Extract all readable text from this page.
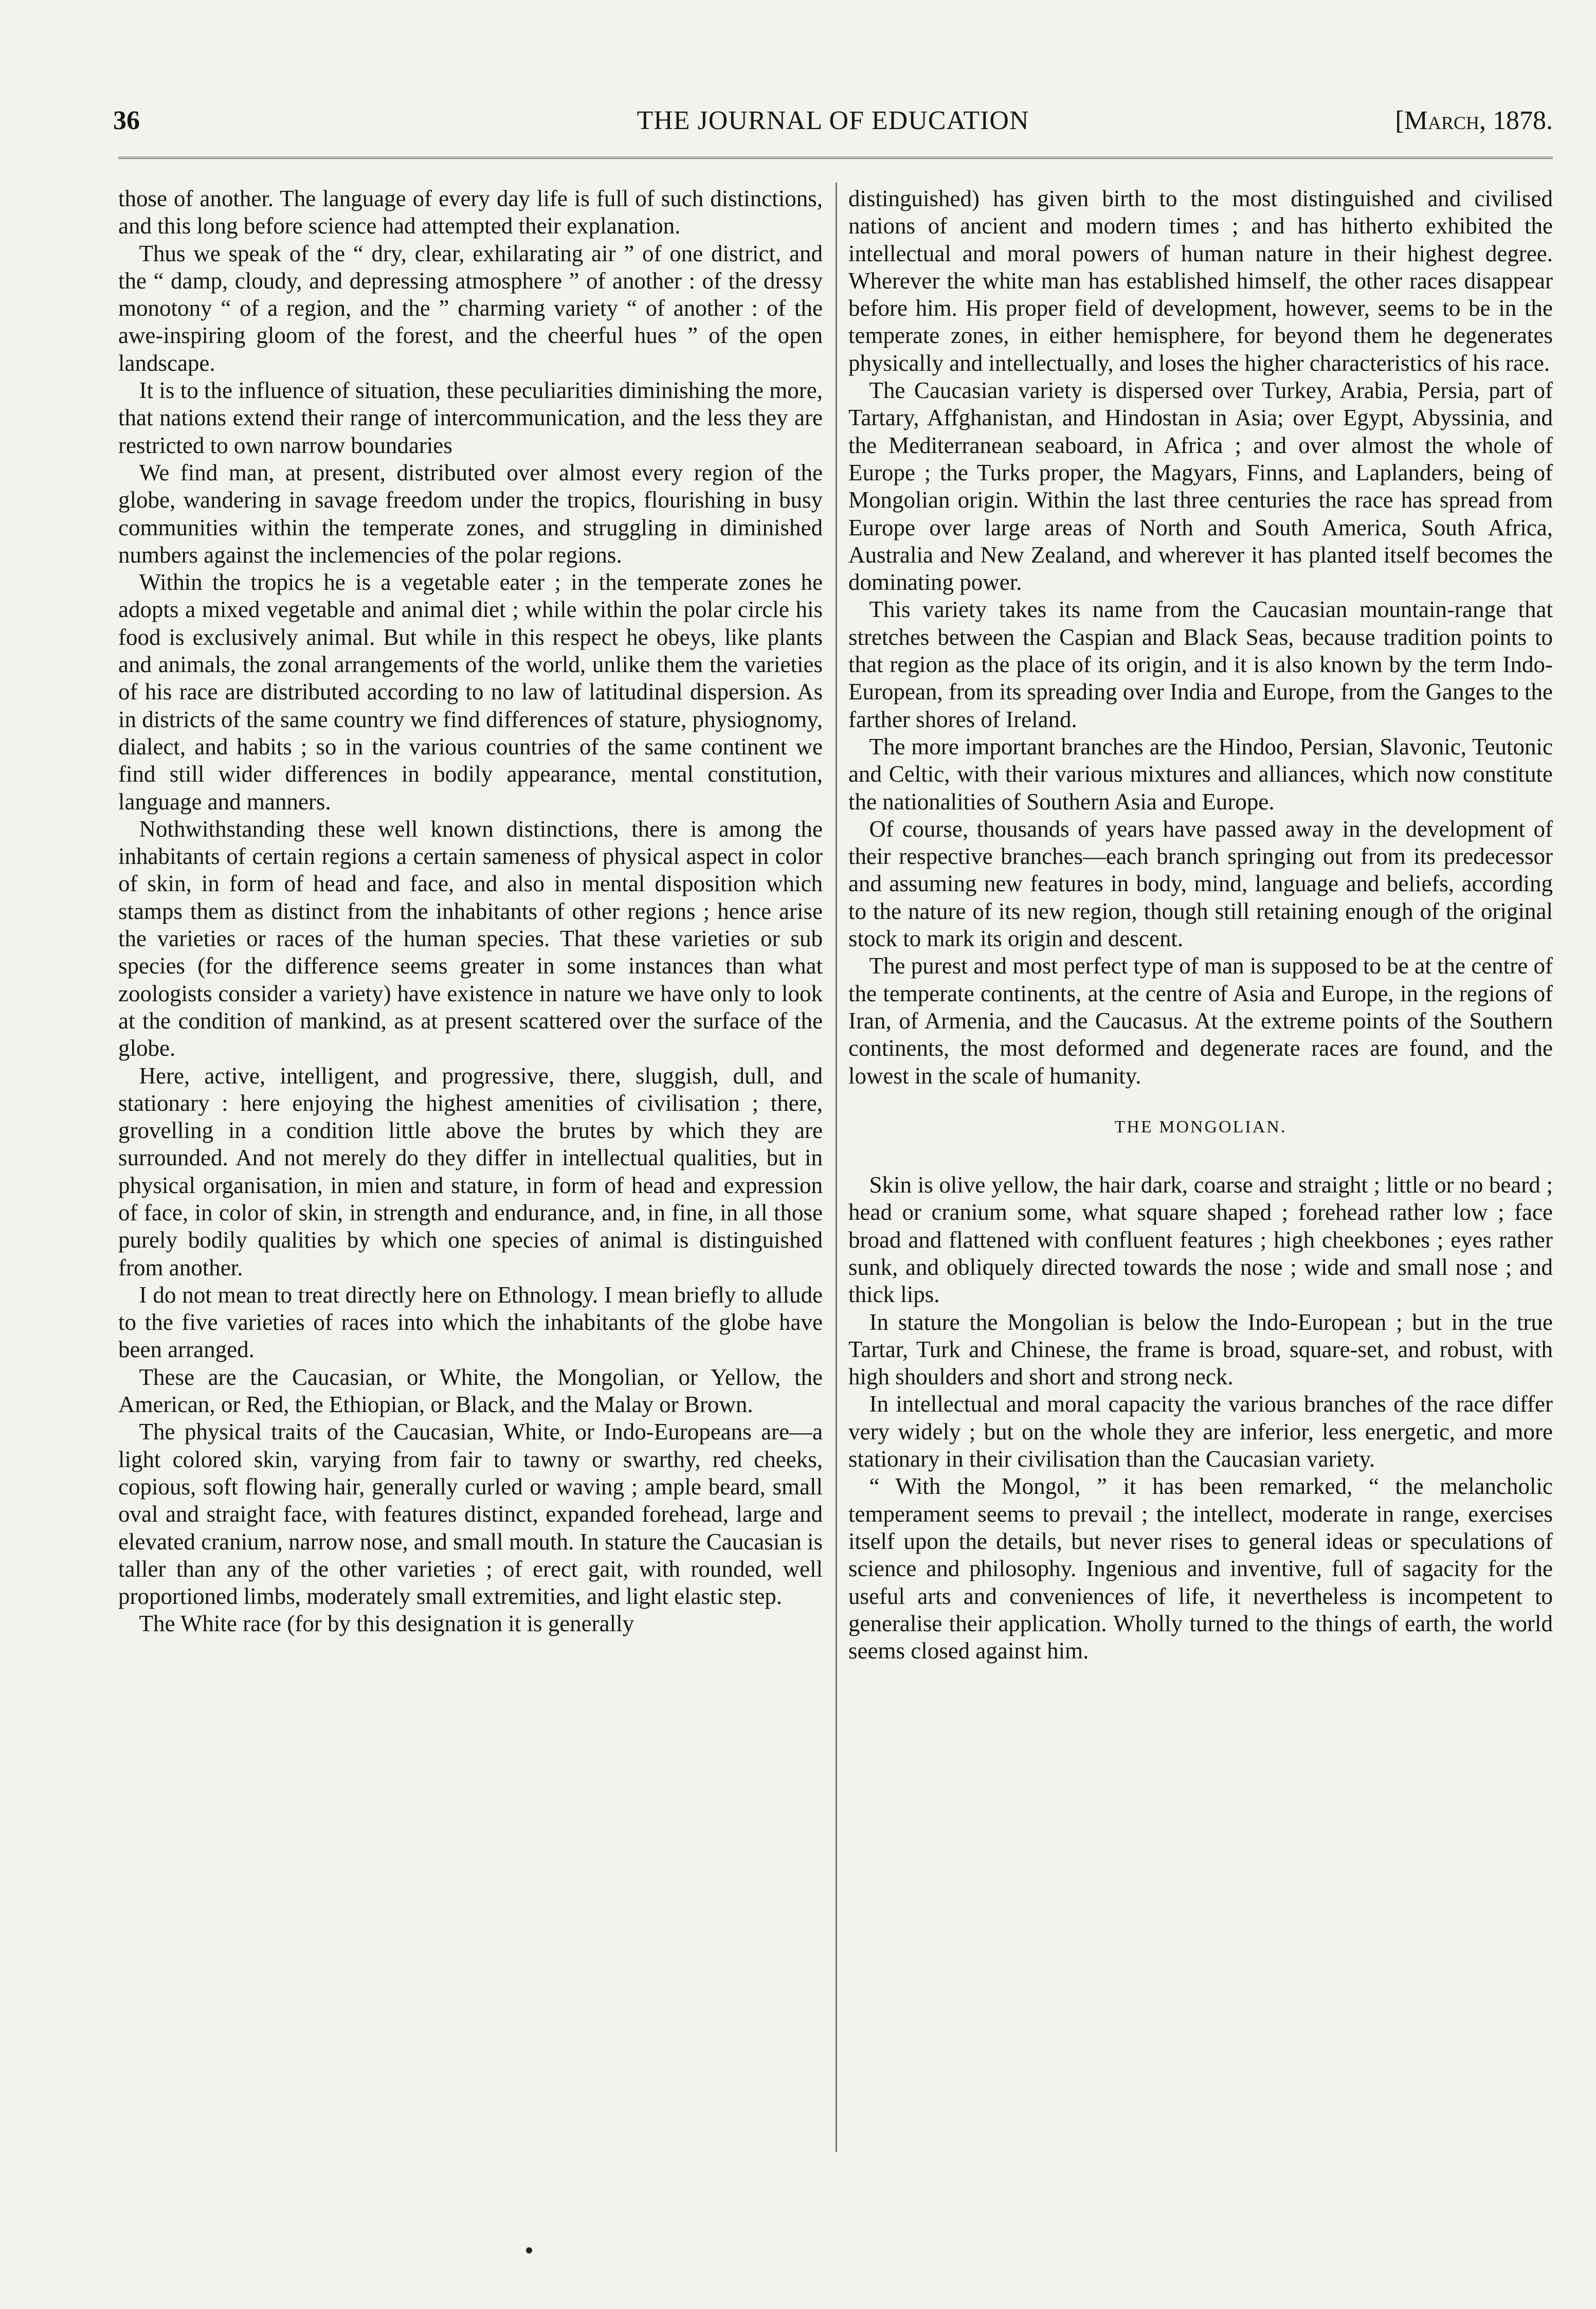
36	THE JOURNAL OF EDUCATION	[March, 1878.

those of another. The language of every day life is full of such distinctions, and this long before science had attempted their explanation.

Thus we speak of the “ dry, clear, exhilarating air ” of one district, and the “ damp, cloudy, and depressing atmosphere ” of another : of the dressy monotony “ of a region, and the ” charming variety “ of another : of the awe-inspiring gloom of the forest, and the cheerful hues ” of the open landscape.

It is to the influence of situation, these peculiarities diminishing the more, that nations extend their range of intercommunication, and the less they are restricted to own narrow boundaries

We find man, at present, distributed over almost every region of the globe, wandering in savage freedom under the tropics, flourishing in busy communities within the temperate zones, and struggling in diminished numbers against the inclemencies of the polar regions.

Within the tropics he is a vegetable eater ; in the temperate zones he adopts a mixed vegetable and animal diet ; while within the polar circle his food is exclusively animal. But while in this respect he obeys, like plants and animals, the zonal arrangements of the world, unlike them the varieties of his race are distributed according to no law of latitudinal dispersion. As in districts of the same country we find differences of stature, physiognomy, dialect, and habits ; so in the various countries of the same continent we find still wider differences in bodily appearance, mental constitution, language and manners.

Nothwithstanding these well known distinctions, there is among the inhabitants of certain regions a certain sameness of physical aspect in color of skin, in form of head and face, and also in mental disposition which stamps them as distinct from the inhabitants of other regions ; hence arise the varieties or races of the human species. That these varieties or sub species (for the difference seems greater in some instances than what zoologists consider a variety) have existence in nature we have only to look at the condition of mankind, as at present scattered over the surface of the globe.

Here, active, intelligent, and progressive, there, sluggish, dull, and stationary : here enjoying the highest amenities of civilisation ; there, grovelling in a condition little above the brutes by which they are surrounded. And not merely do they differ in intellectual qualities, but in physical organisation, in mien and stature, in form of head and expression of face, in color of skin, in strength and endurance, and, in fine, in all those purely bodily qualities by which one species of animal is distinguished from another.

I do not mean to treat directly here on Ethnology. I mean briefly to allude to the five varieties of races into which the inhabitants of the globe have been arranged.

These are the Caucasian, or White, the Mongolian, or Yellow, the American, or Red, the Ethiopian, or Black, and the Malay or Brown.

The physical traits of the Caucasian, White, or Indo-Europeans are—a light colored skin, varying from fair to tawny or swarthy, red cheeks, copious, soft flowing hair, generally curled or waving ; ample beard, small oval and straight face, with features distinct, expanded forehead, large and elevated cranium, narrow nose, and small mouth. In stature the Caucasian is taller than any of the other varieties ; of erect gait, with rounded, well proportioned limbs, moderately small extremities, and light elastic step.

The White race (for by this designation it is generally

distinguished) has given birth to the most distinguished and civilised nations of ancient and modern times ; and has hitherto exhibited the intellectual and moral powers of human nature in their highest degree. Wherever the white man has established himself, the other races disappear before him. His proper field of development, however, seems to be in the temperate zones, in either hemisphere, for beyond them he degenerates physically and intellectually, and loses the higher characteristics of his race.

The Caucasian variety is dispersed over Turkey, Arabia, Persia, part of Tartary, Affghanistan, and Hindostan in Asia; over Egypt, Abyssinia, and the Mediterranean seaboard, in Africa ; and over almost the whole of Europe ; the Turks proper, the Magyars, Finns, and Laplanders, being of Mongolian origin. Within the last three centuries the race has spread from Europe over large areas of North and South America, South Africa, Australia and New Zealand, and wherever it has planted itself becomes the dominating power.

This variety takes its name from the Caucasian mountain-range that stretches between the Caspian and Black Seas, because tradition points to that region as the place of its origin, and it is also known by the term Indo-European, from its spreading over India and Europe, from the Ganges to the farther shores of Ireland.

The more important branches are the Hindoo, Persian, Slavonic, Teutonic and Celtic, with their various mixtures and alliances, which now constitute the nationalities of Southern Asia and Europe.

Of course, thousands of years have passed away in the development of their respective branches—each branch springing out from its predecessor and assuming new features in body, mind, language and beliefs, according to the nature of its new region, though still retaining enough of the original stock to mark its origin and descent.

The purest and most perfect type of man is supposed to be at the centre of the temperate continents, at the centre of Asia and Europe, in the regions of Iran, of Armenia, and the Caucasus. At the extreme points of the Southern continents, the most deformed and degenerate races are found, and the lowest in the scale of humanity.

THE MONGOLIAN.

Skin is olive yellow, the hair dark, coarse and straight ; little or no beard ; head or cranium some, what square shaped ; forehead rather low ; face broad and flattened with confluent features ; high cheekbones ; eyes rather sunk, and obliquely directed towards the nose ; wide and small nose ; and thick lips.

In stature the Mongolian is below the Indo-European ; but in the true Tartar, Turk and Chinese, the frame is broad, square-set, and robust, with high shoulders and short and strong neck.

In intellectual and moral capacity the various branches of the race differ very widely ; but on the whole they are inferior, less energetic, and more stationary in their civilisation than the Caucasian variety.

“ With the Mongol, ” it has been remarked, “ the melancholic temperament seems to prevail ; the intellect, moderate in range, exercises itself upon the details, but never rises to general ideas or speculations of science and philosophy. Ingenious and inventive, full of sagacity for the useful arts and conveniences of life, it nevertheless is incompetent to generalise their application. Wholly turned to the things of earth, the world seems closed against him.
